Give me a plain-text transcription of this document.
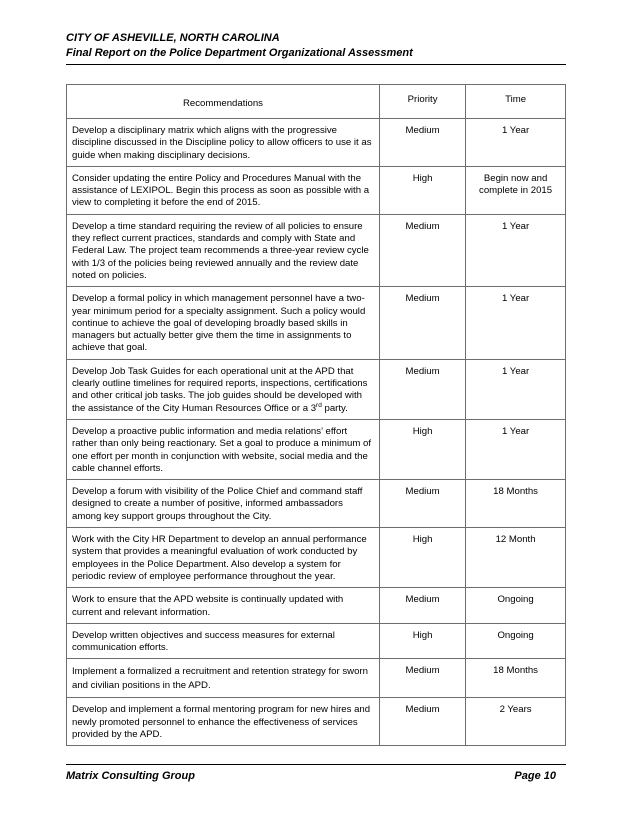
CITY OF ASHEVILLE, NORTH CAROLINA
Final Report on the Police Department Organizational Assessment
Recommendations	Priority	Time
Develop a disciplinary matrix which aligns with the progressive discipline discussed in the Discipline policy to allow officers to use it as guide when making disciplinary decisions.	Medium	1 Year
Consider updating the entire Policy and Procedures Manual with the assistance of LEXIPOL. Begin this process as soon as possible with a view to completing it before the end of 2015.	High	Begin now and complete in 2015
Develop a time standard requiring the review of all policies to ensure they reflect current practices, standards and comply with State and Federal Law. The project team recommends a three-year review cycle with 1/3 of the policies being reviewed annually and the review date noted on policies.	Medium	1 Year
Develop a formal policy in which management personnel have a two-year minimum period for a specialty assignment. Such a policy would continue to achieve the goal of developing broadly based skills in managers but actually better give them the time in assignments to achieve that goal.	Medium	1 Year
Develop Job Task Guides for each operational unit at the APD that clearly outline timelines for required reports, inspections, certifications and other critical job tasks. The job guides should be developed with the assistance of the City Human Resources Office or a 3rd party.	Medium	1 Year
Develop a proactive public information and media relations’ effort rather than only being reactionary. Set a goal to produce a minimum of one effort per month in conjunction with website, social media and the cable channel efforts.	High	1 Year
Develop a forum with visibility of the Police Chief and command staff designed to create a number of positive, informed ambassadors among key support groups throughout the City.	Medium	18 Months
Work with the City HR Department to develop an annual performance system that provides a meaningful evaluation of work conducted by employees in the Police Department. Also develop a system for periodic review of employee performance throughout the year.	High	12 Month
Work to ensure that the APD website is continually updated with current and relevant information.	Medium	Ongoing
Develop written objectives and success measures for external communication efforts.	High	Ongoing
Implement a formalized a recruitment and retention strategy for sworn and civilian positions in the APD.	Medium	18 Months
Develop and implement a formal mentoring program for new hires and newly promoted personnel to enhance the effectiveness of services provided by the APD.	Medium	2 Years
Matrix Consulting Group	Page 10
